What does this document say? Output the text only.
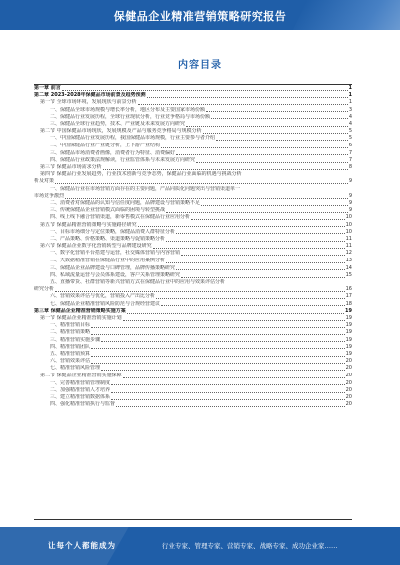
保健品企业精准营销策略研究报告
内容目录
第一章 前言	1
第二章 2023-2028年保健品市场前景及趋势预测	1
第一节 全球市场环境，发展现状与前景分析	1
一、保健品全球市场规模与增长率分析，地区分布及主要国家市场份额	3
二、保健品行业发展历程，全球行业现状分析，行业竞争格局与市场份额	4
三、保健品全球行业趋势，技术、产业链及未来发展方向研究	4
第二节 中国保健品市场现状，发展规模及产品与服务竞争格局与规模分析	5
一、中国保健品行业发展历程，我国保健品市场规模，行业主要参与者介绍	5
二、中国保健品行业产业链分析，上下游产业结构	6
三、保健品市场消费者画像，消费者行为特征、消费偏好	7
四、保健品行业政策法规解读，行业监管体系与未来发展方向研究	7
第三节 保健品市场需求分析	8
第四节 保健品行业发展趋势，行业技术创新与竞争态势，保健品行业面临的机遇与挑战分析
析及对策	9
一、保健品行业在市场营销方面存在的主要问题，产品同质化问题突出与营销渠道单一
市场竞争激烈	9
二、消费者对保健品的认知与信任度问题，品牌建设与营销策略不足	9
三、传统保健品企业营销模式面临的困境与转型挑战	9
四、线上线下融合营销渠道，新零售模式在保健品行业应用分析	10
第五节 保健品精准营销策略与实施路径研究	10
一、目标市场细分与定位策略，保健品消费人群特征分析	10
二、产品策略、价格策略、渠道策略与促销策略分析	11
第六节 保健品企业数字化营销转型与品牌建设研究	11
一、数字化营销平台搭建与运营，社交媒体营销与内容营销	12
二、大数据精准营销在保健品行业中的应用案例分析	13
三、保健品企业品牌建设与口碑管理，品牌传播策略研究	14
四、私域流量运营与会员体系建设，客户关系管理策略研究	15
五、直播带货、社群营销等新兴营销方式在保健品行业中的应用与效果评估分析
研究分析	16
六、营销效果评估与优化，营销投入产出比分析	17
七、保健品企业精准营销风险防范与合规经营建议	18
第三章 保健品企业精准营销策略实施方案	19
第一节 保健品企业精准营销实施计划	19
一、精准营销目标	19
二、精准营销策略	19
三、精准营销实施步骤	19
四、精准营销团队	19
五、精准营销预算	19
六、营销效果评估	20
七、精准营销风险管理	20
第二节 保健品企业精准营销实施保障	20
一、完善精准营销管理制度	20
二、加强精准营销人才培养	20
三、建立精准营销数据体系	20
四、强化精准营销执行与监督	20
让每个人都能成为	行业专家、管理专家、营销专家、战略专家、成功企业家……
